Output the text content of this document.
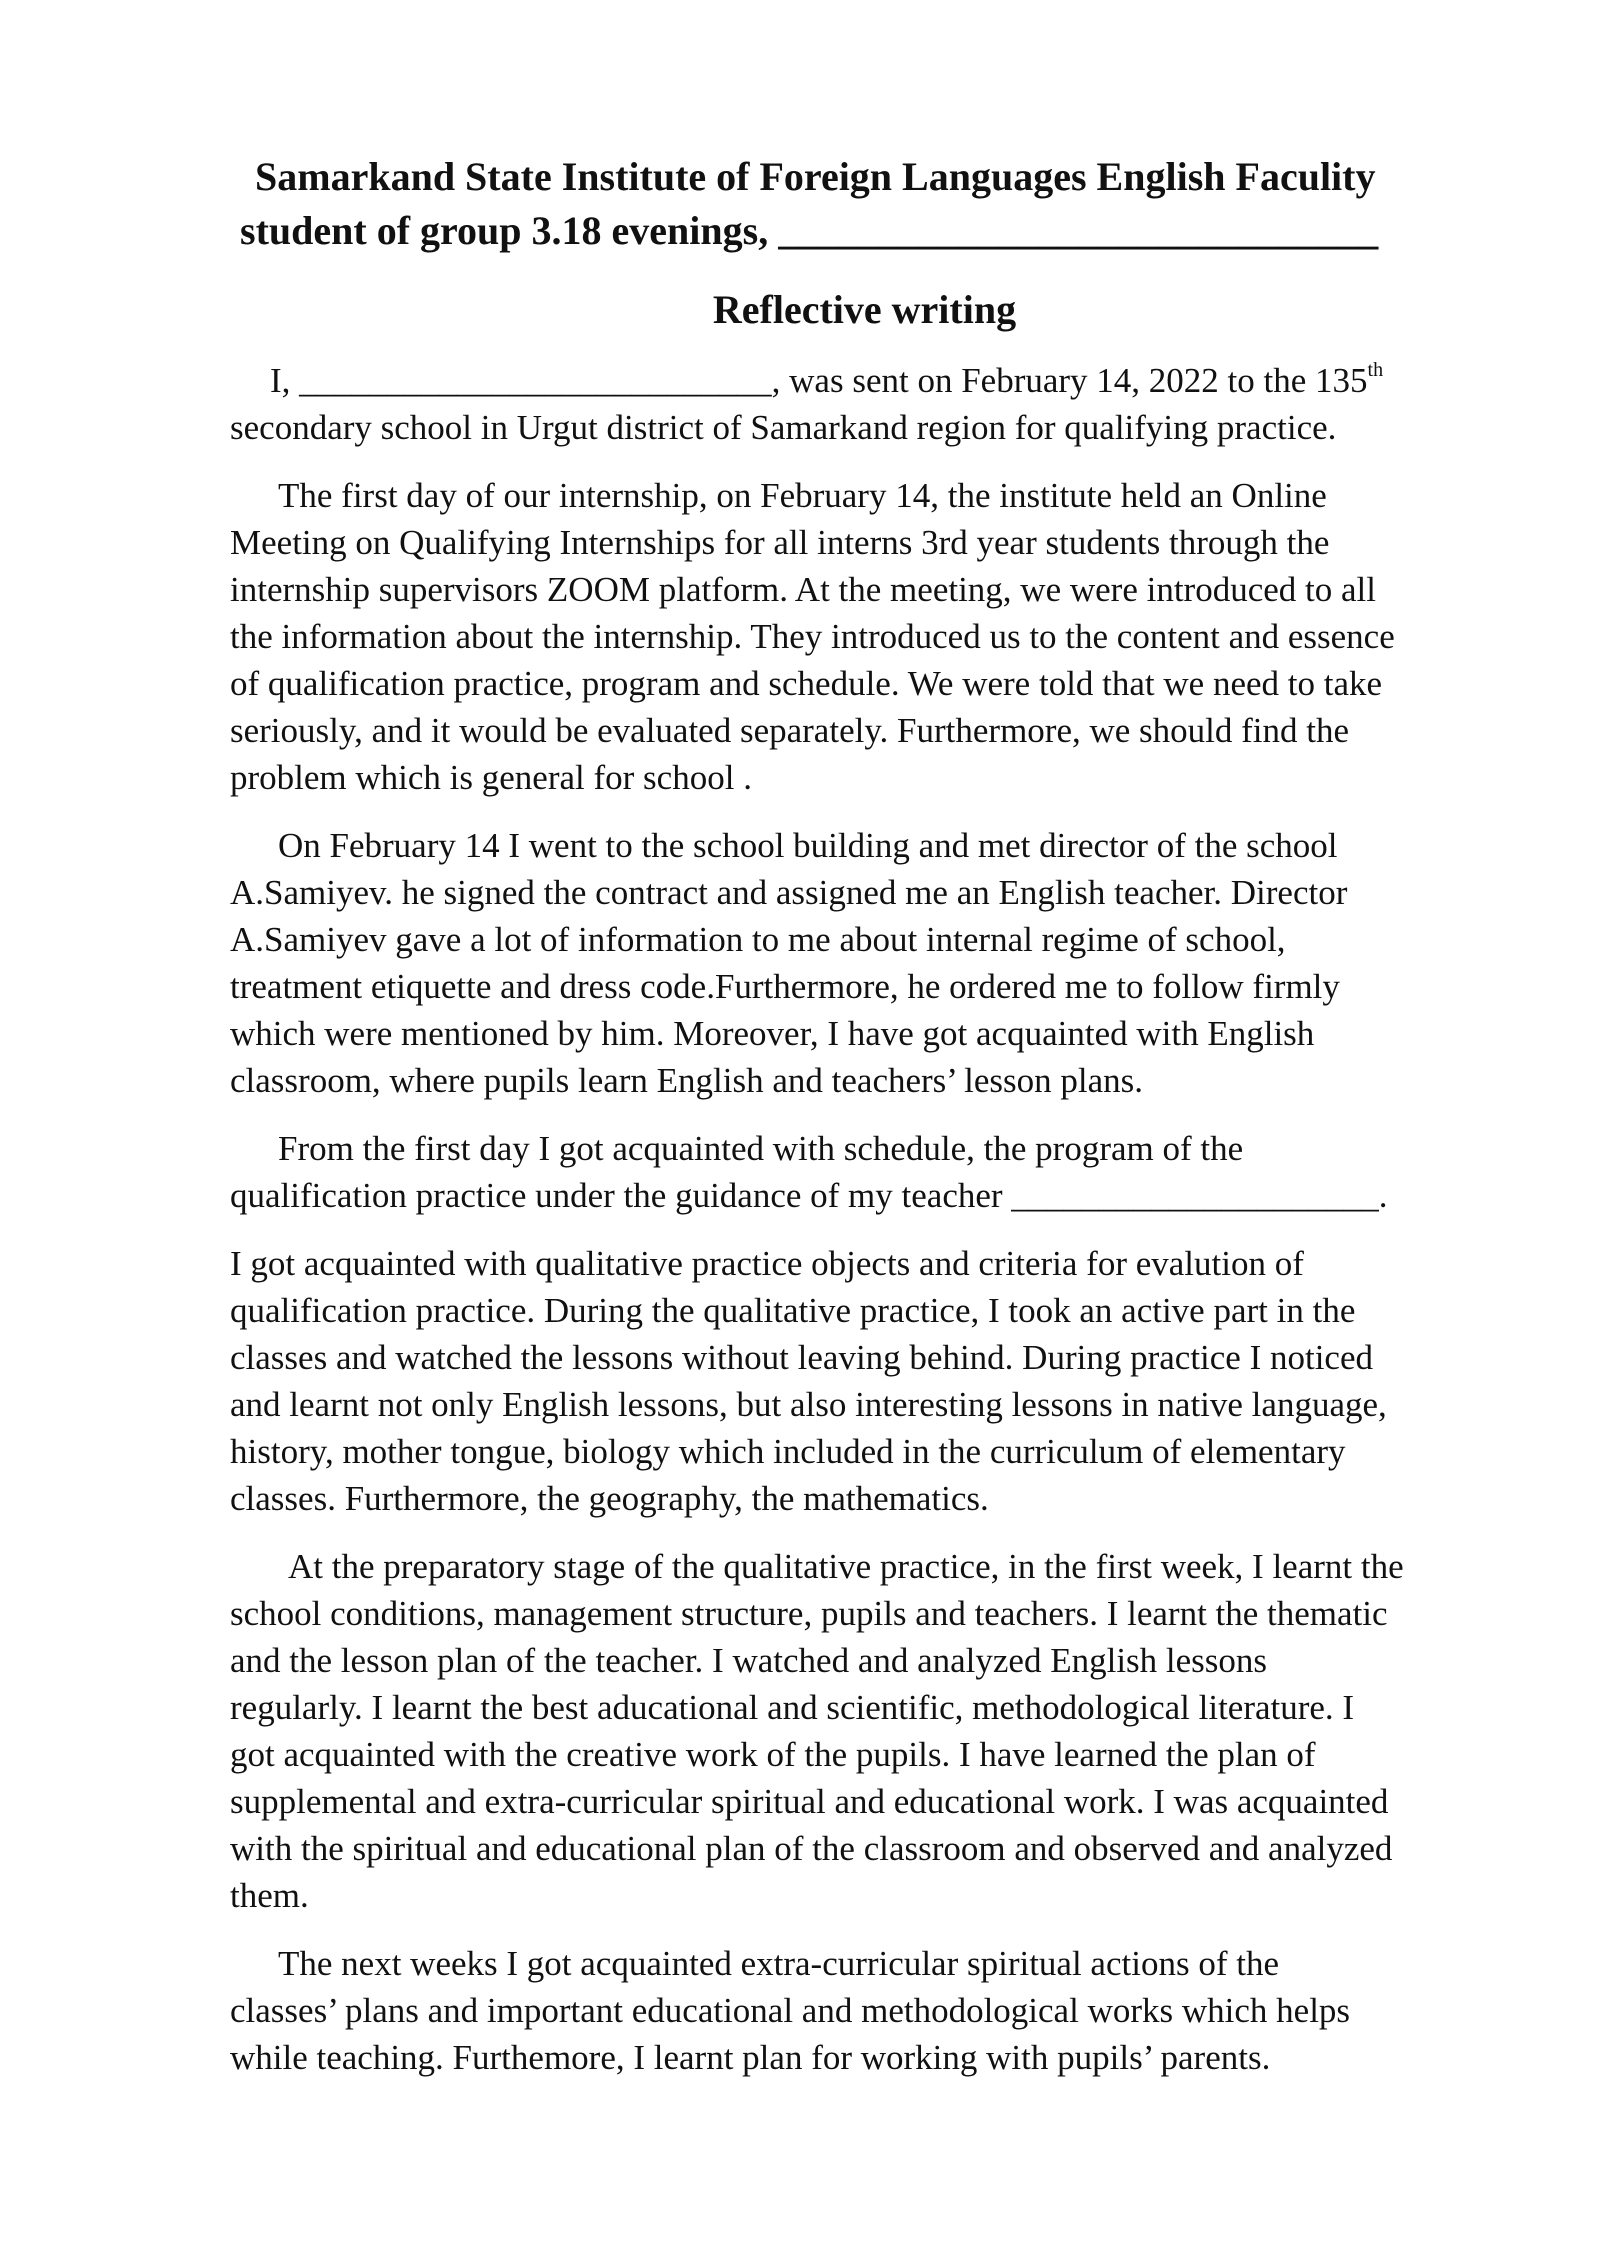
Samarkand State Institute of Foreign Languages English Faculity
student of group 3.18 evenings, ______________________________
Reflective writing

I, ___________________________, was sent on February 14, 2022 to the 135th

secondary school in Urgut district of Samarkand region for qualifying practice.

The first day of our internship, on February 14, the institute held an Online

Meeting on Qualifying Internships for all interns 3rd year students through the

internship supervisors ZOOM platform. At the meeting, we were introduced to all

the information about the internship. They introduced us to the content and essence

of qualification practice, program and schedule. We were told that we need to take

seriously, and it would be evaluated separately. Furthermore, we should find the

problem which is general for school .

On February 14 I went to the school building and met director of the school

A.Samiyev. he signed the contract and assigned me an English teacher. Director

A.Samiyev gave a lot of information to me about internal regime of school,

treatment etiquette and dress code.Furthermore, he ordered me to follow firmly

which were mentioned by him. Moreover, I have got acquainted with English

classroom, where pupils learn English and teachers’ lesson plans.

From the first day I got acquainted with schedule, the program of the

qualification practice under the guidance of my teacher _____________________.

I got acquainted with qualitative practice objects and criteria for evalution of

qualification practice. During the qualitative practice, I took an active part in the

classes and watched the lessons without leaving behind. During practice I noticed

and learnt not only English lessons, but also interesting lessons in native language,

history, mother tongue, biology which included in the curriculum of elementary

classes. Furthermore, the geography, the mathematics.

At the preparatory stage of the qualitative practice, in the first week, I learnt the

school conditions, management structure, pupils and teachers. I learnt the thematic

and the lesson plan of the teacher. I watched and analyzed English lessons

regularly. I learnt the best aducational and scientific, methodological literature. I

got acquainted with the creative work of the pupils. I have learned the plan of

supplemental and extra-curricular spiritual and educational work. I was acquainted

with the spiritual and educational plan of the classroom and observed and analyzed

them.

The next weeks I got acquainted extra-curricular spiritual actions of the

classes’ plans and important educational and methodological works which helps

while teaching. Furthemore, I learnt plan for working with pupils’ parents.
